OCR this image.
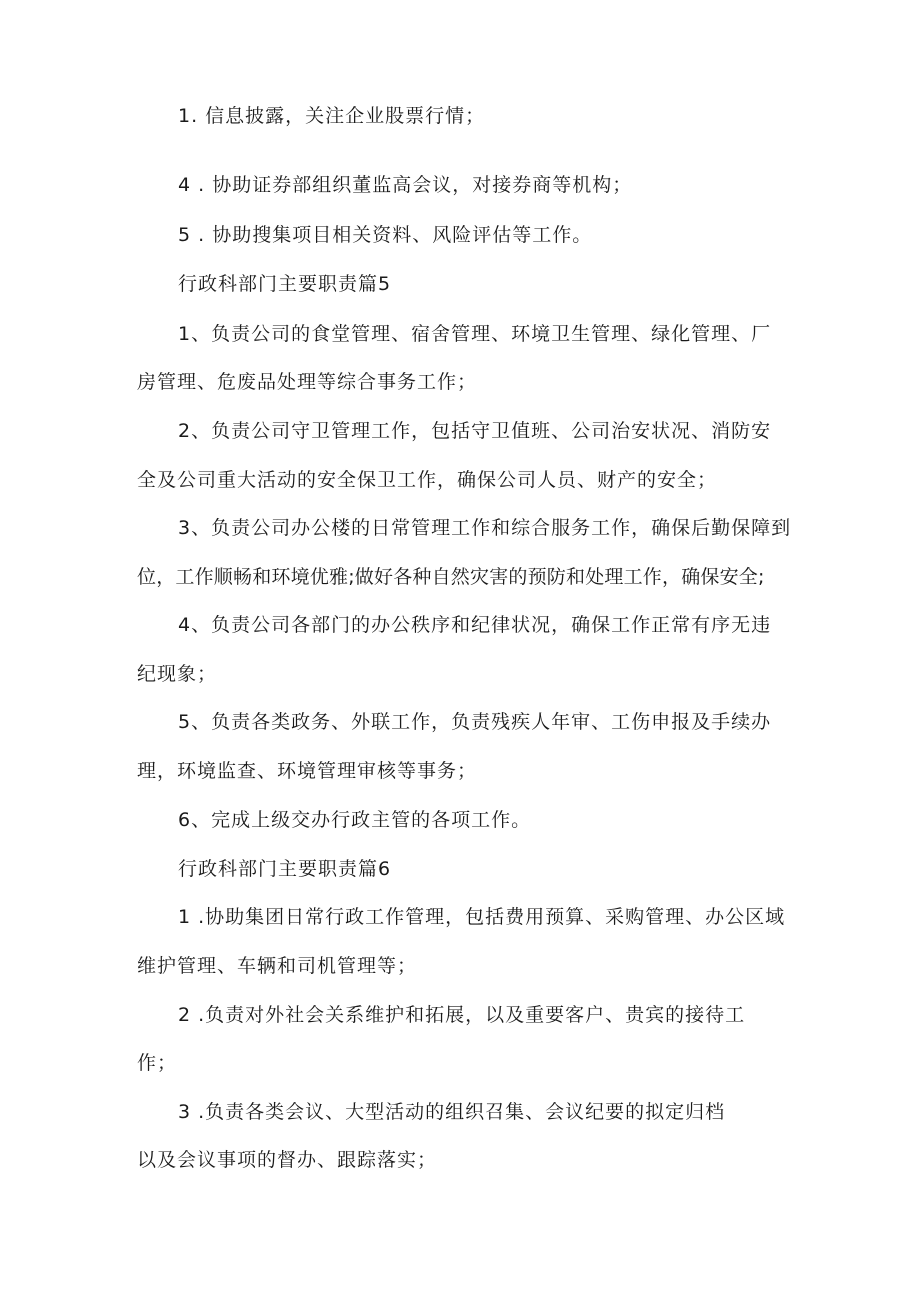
1. 信息披露，关注企业股票行情；
4 . 协助证券部组织董监高会议，对接券商等机构；
5 . 协助搜集项目相关资料、风险评估等工作。
行政科部门主要职责篇5
1、负责公司的食堂管理、宿舍管理、环境卫生管理、绿化管理、厂
房管理、危废品处理等综合事务工作；
2、负责公司守卫管理工作，包括守卫值班、公司治安状况、消防安
全及公司重大活动的安全保卫工作，确保公司人员、财产的安全；
3、负责公司办公楼的日常管理工作和综合服务工作，确保后勤保障到
位，工作顺畅和环境优雅;做好各种自然灾害的预防和处理工作，确保安全;
4、负责公司各部门的办公秩序和纪律状况，确保工作正常有序无违
纪现象；
5、负责各类政务、外联工作，负责残疾人年审、工伤申报及手续办
理，环境监查、环境管理审核等事务；
6、完成上级交办行政主管的各项工作。
行政科部门主要职责篇6
1 .协助集团日常行政工作管理，包括费用预算、采购管理、办公区域
维护管理、车辆和司机管理等；
2 .负责对外社会关系维护和拓展，以及重要客户、贵宾的接待工
作；
3 .负责各类会议、大型活动的组织召集、会议纪要的拟定归档
以及会议事项的督办、跟踪落实；
